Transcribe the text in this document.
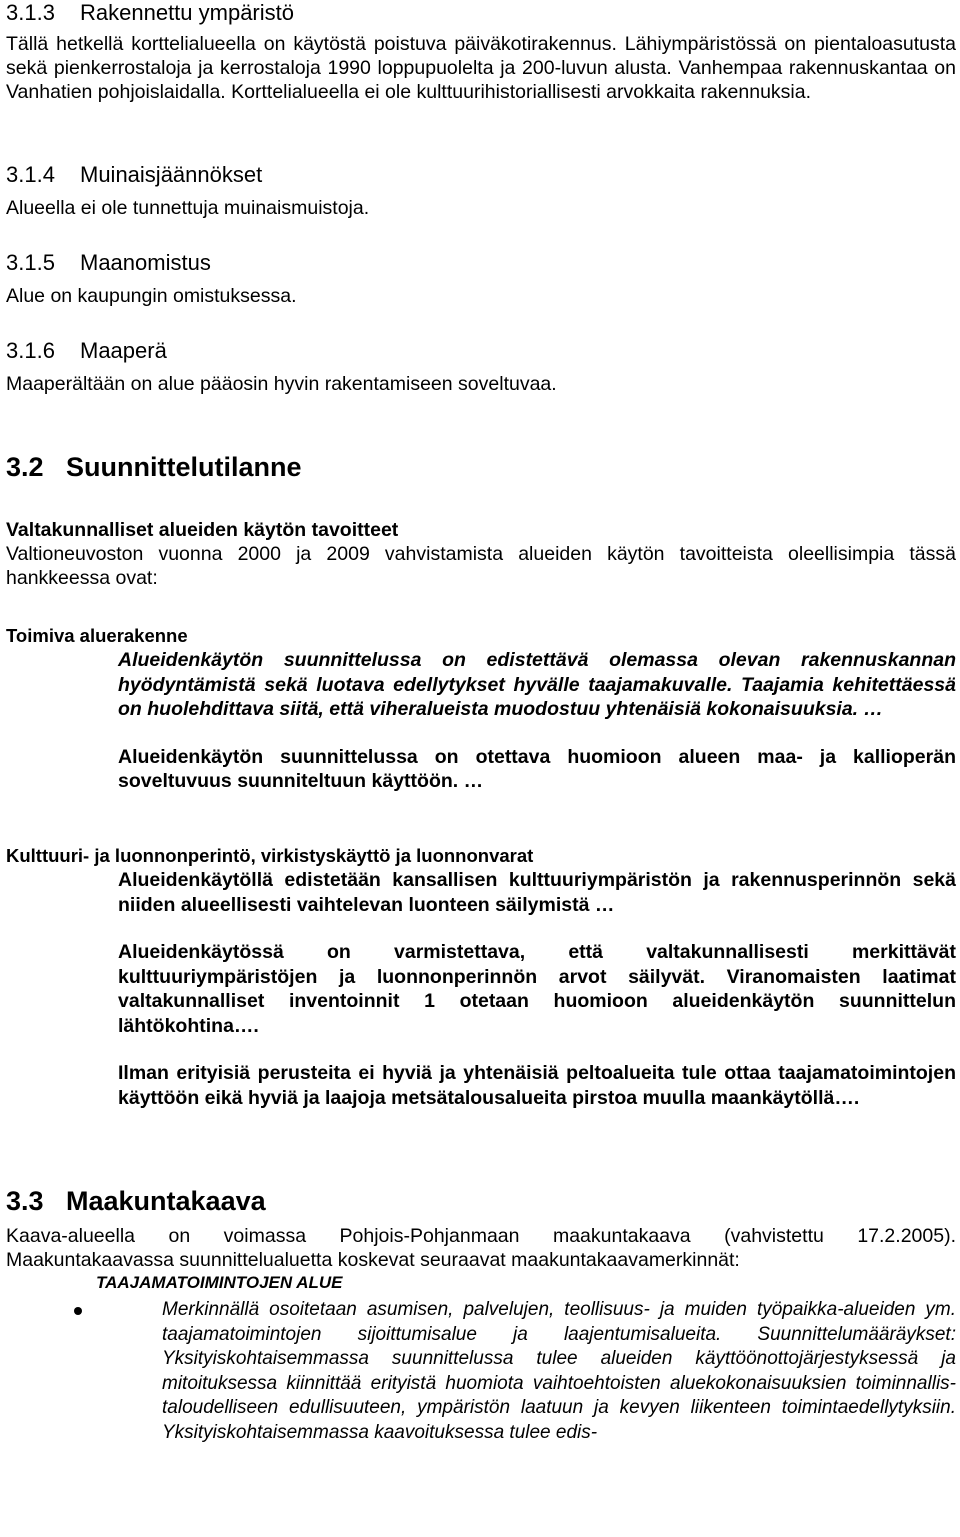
3.1.3 Rakennettu ympäristö

Tällä hetkellä korttelialueella on käytöstä poistuva päiväkotirakennus. Lähiympäristössä on pientaloasutusta sekä pienkerrostaloja ja kerrostaloja 1990 loppupuolelta ja 200-luvun alusta. Vanhempaa rakennuskantaa on Vanhatien pohjoislaidalla. Korttelialueella ei ole kulttuurihistoriallisesti arvokkaita rakennuksia.

3.1.4 Muinaisjäännökset

Alueella ei ole tunnettuja muinaismuistoja.

3.1.5 Maanomistus

Alue on kaupungin omistuksessa.

3.1.6 Maaperä

Maaperältään on alue pääosin hyvin rakentamiseen soveltuvaa.

3.2 Suunnittelutilanne

Valtakunnalliset alueiden käytön tavoitteet

Valtioneuvoston vuonna 2000 ja 2009 vahvistamista alueiden käytön tavoitteista oleellisimpia tässä hankkeessa ovat:

Toimiva aluerakenne

Alueidenkäytön suunnittelussa on edistettävä olemassa olevan rakennuskannan hyödyntämistä sekä luotava edellytykset hyvälle taajamakuvalle. Taajamia kehitettäessä on huolehdittava siitä, että viheralueista muodostuu yhtenäisiä kokonaisuuksia. …

Alueidenkäytön suunnittelussa on otettava huomioon alueen maa- ja kallioperän soveltuvuus suunniteltuun käyttöön. …

Kulttuuri- ja luonnonperintö, virkistyskäyttö ja luonnonvarat

Alueidenkäytöllä edistetään kansallisen kulttuuriympäristön ja rakennusperinnön sekä niiden alueellisesti vaihtelevan luonteen säilymistä …

Alueidenkäytössä on varmistettava, että valtakunnallisesti merkittävät kulttuuriympäristöjen ja luonnonperinnön arvot säilyvät. Viranomaisten laatimat valtakunnalliset inventoinnit 1 otetaan huomioon alueidenkäytön suunnittelun lähtökohtina….

Ilman erityisiä perusteita ei hyviä ja yhtenäisiä peltoalueita tule ottaa taajamatoimintojen käyttöön eikä hyviä ja laajoja metsätalousalueita pirstoa muulla maankäytöllä….

3.3 Maakuntakaava

Kaava-alueella on voimassa Pohjois-Pohjanmaan maakuntakaava (vahvistettu 17.2.2005). Maakuntakaavassa suunnittelualuetta koskevat seuraavat maakuntakaavamerkinnät:

TAAJAMATOIMINTOJEN ALUE

Merkinnällä osoitetaan asumisen, palvelujen, teollisuus- ja muiden työpaikka-alueiden ym. taajamatoimintojen sijoittumisalue ja laajentumisalueita. Suunnittelumääräykset: Yksityiskohtaisemmassa suunnittelussa tulee alueiden käyttöönottojärjestyksessä ja mitoituksessa kiinnittää erityistä huomiota vaihtoehtoisten aluekokonaisuuksien toiminnallis-taloudelliseen edullisuuteen, ympäristön laatuun ja kevyen liikenteen toimintaedellytyksiin. Yksityiskohtaisemmassa kaavoituksessa tulee edis-
